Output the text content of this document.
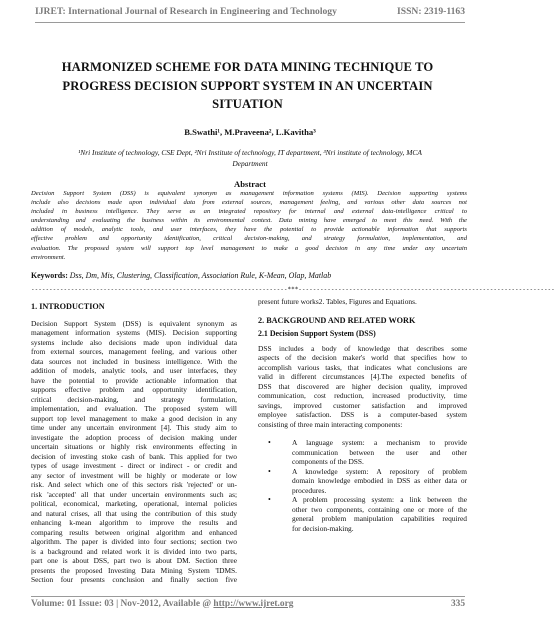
IJRET: International Journal of Research in Engineering and Technology	ISSN: 2319-1163
HARMONIZED SCHEME FOR DATA MINING TECHNIQUE TO
PROGRESS DECISION SUPPORT SYSTEM IN AN UNCERTAIN
SITUATION
B.Swathi¹, M.Praveena², L.Kavitha³
¹Nri Institute of technology, CSE Dept, ²Nri Institute of technology, IT department, ³Nri institute of technology, MCA
Department
Abstract
Decision Support System (DSS) is equivalent synonym as management information systems (MIS). Decision supporting systems
include also decisions made upon individual data from external sources, management feeling, and various other data sources not
included in business intelligence. They serve as an integrated repository for internal and external data-intelligence critical to
understanding and evaluating the business within its environmental context. Data mining have emerged to meet this need. With the
addition of models, analytic tools, and user interfaces, they have the potential to provide actionable information that supports
effective problem and opportunity identification, critical decision-making, and strategy formulation, implementation, and
evaluation. The proposed system will support top level management to make a good decision in any time under any uncertain
environment.
Keywords: Dss, Dm, Mis, Clustering, Classification, Association Rule, K-Mean, Olap, Matlab
-----------------------------------------------------------------------***-----------------------------------------------------------------------
1. INTRODUCTION
Decision Support System (DSS) is equivalent synonym as
management information systems (MIS). Decision supporting
systems include also decisions made upon individual data
from external sources, management feeling, and various other
data sources not included in business intelligence. With the
addition of models, analytic tools, and user interfaces, they
have the potential to provide actionable information that
supports effective problem and opportunity identification,
critical decision-making, and strategy formulation,
implementation, and evaluation. The proposed system will
support top level management to make a good decision in any
time under any uncertain environment [4]. This study aim to
investigate the adoption process of decision making under
uncertain situations or highly risk environments effecting in
decision of investing stoke cash of bank. This applied for two
types of usage investment - direct or indirect - or credit and
any sector of investment will be highly or moderate or low
risk. And select which one of this sectors risk 'rejected' or un-
risk 'accepted' all that under uncertain environments such as;
political, economical, marketing, operational, internal policies
and natural crises, all that using the contribution of this study
enhancing k-mean algorithm to improve the results and
comparing results between original algorithm and enhanced
algorithm. The paper is divided into four sections; section two
is a background and related work it is divided into two parts,
part one is about DSS, part two is about DM. Section three
presents the proposed Investing Data Mining System 'IDMS.
Section four presents conclusion and finally section five
present future works2. Tables, Figures and Equations.
2. BACKGROUND AND RELATED WORK
2.1 Decision Support System (DSS)
DSS includes a body of knowledge that describes some
aspects of the decision maker's world that specifies how to
accomplish various tasks, that indicates what conclusions are
valid in different circumstances [4].The expected benefits of
DSS that discovered are higher decision quality, improved
communication, cost reduction, increased productivity, time
savings, improved customer satisfaction and improved
employee satisfaction. DSS is a computer-based system
consisting of three main interacting components:
•	A language system: a mechanism to provide
communication between the user and other
components of the DSS.
•	A knowledge system: A repository of problem
domain knowledge embodied in DSS as either data or
procedures.
•	A problem processing system: a link between the
other two components, containing one or more of the
general problem manipulation capabilities required
for decision-making.
Volume: 01 Issue: 03 | Nov-2012, Available @ http://www.ijret.org	335
